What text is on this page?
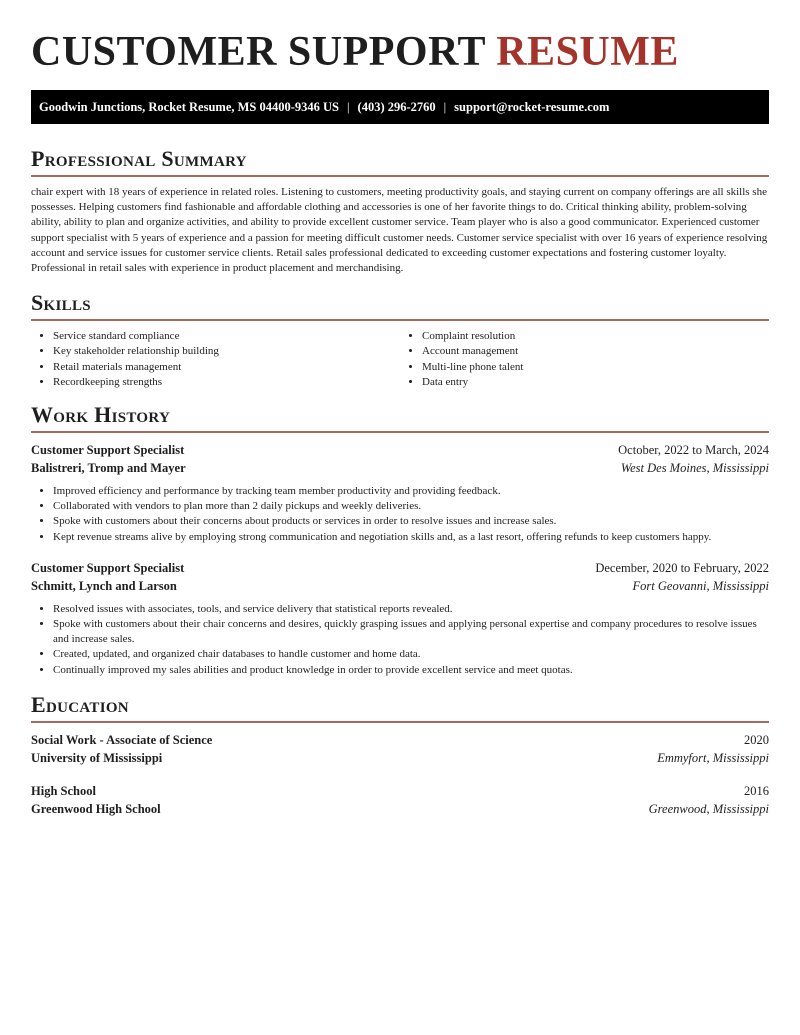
CUSTOMER SUPPORT RESUME
Goodwin Junctions, Rocket Resume, MS 04400-9346 US | (403) 296-2760 | support@rocket-resume.com
Professional Summary

chair expert with 18 years of experience in related roles. Listening to customers, meeting productivity goals, and staying current on company offerings are all skills she possesses. Helping customers find fashionable and affordable clothing and accessories is one of her favorite things to do. Critical thinking ability, problem-solving ability, ability to plan and organize activities, and ability to provide excellent customer service. Team player who is also a good communicator. Experienced customer support specialist with 5 years of experience and a passion for meeting difficult customer needs. Customer service specialist with over 16 years of experience resolving account and service issues for customer service clients. Retail sales professional dedicated to exceeding customer expectations and fostering customer loyalty. Professional in retail sales with experience in product placement and merchandising.

Skills
• Service standard compliance
• Key stakeholder relationship building
• Retail materials management
• Recordkeeping strengths
• Complaint resolution
• Account management
• Multi-line phone talent
• Data entry
Work History
Customer Support Specialist	October, 2022 to March, 2024
Balistreri, Tromp and Mayer	West Des Moines, Mississippi
• Improved efficiency and performance by tracking team member productivity and providing feedback.
• Collaborated with vendors to plan more than 2 daily pickups and weekly deliveries.
• Spoke with customers about their concerns about products or services in order to resolve issues and increase sales.
• Kept revenue streams alive by employing strong communication and negotiation skills and, as a last resort, offering refunds to keep customers happy.
Customer Support Specialist	December, 2020 to February, 2022
Schmitt, Lynch and Larson	Fort Geovanni, Mississippi
• Resolved issues with associates, tools, and service delivery that statistical reports revealed.
• Spoke with customers about their chair concerns and desires, quickly grasping issues and applying personal expertise and company procedures to resolve issues and increase sales.
• Created, updated, and organized chair databases to handle customer and home data.
• Continually improved my sales abilities and product knowledge in order to provide excellent service and meet quotas.
Education
Social Work - Associate of Science	2020
University of Mississippi	Emmyfort, Mississippi
High School	2016
Greenwood High School	Greenwood, Mississippi
